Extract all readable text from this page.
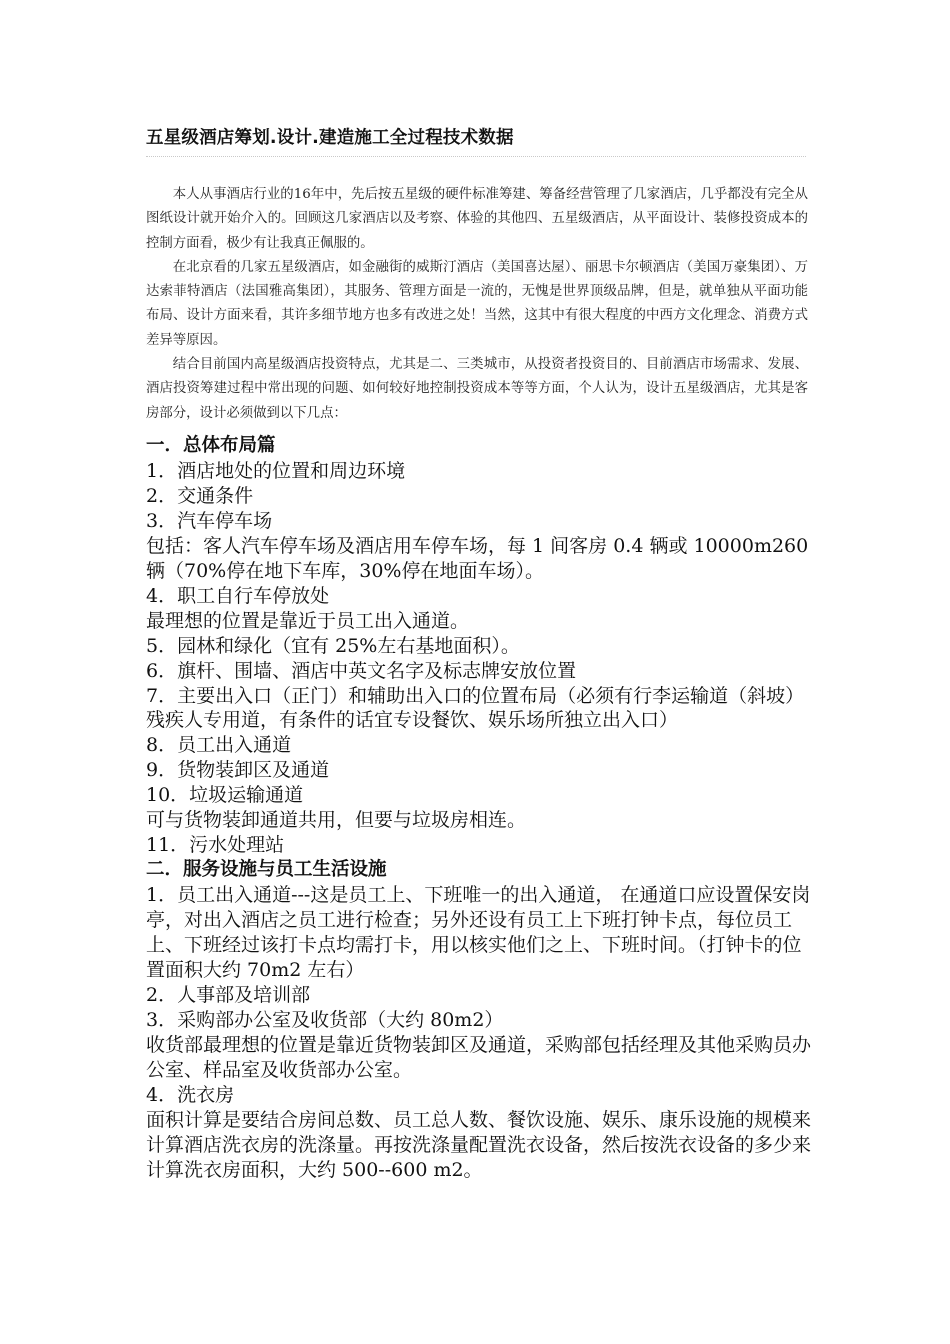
五星级酒店筹划.设计.建造施工全过程技术数据

本人从事酒店行业的16年中，先后按五星级的硬件标准筹建、筹备经营管理了几家酒店，几乎都没有完全从图纸设计就开始介入的。回顾这几家酒店以及考察、体验的其他四、五星级酒店，从平面设计、装修投资成本的控制方面看，极少有让我真正佩服的。

在北京看的几家五星级酒店，如金融街的威斯汀酒店（美国喜达屋）、丽思卡尔顿酒店（美国万豪集团）、万达索菲特酒店（法国雅高集团），其服务、管理方面是一流的，无愧是世界顶级品牌，但是，就单独从平面功能布局、设计方面来看，其许多细节地方也多有改进之处！当然，这其中有很大程度的中西方文化理念、消费方式差异等原因。

结合目前国内高星级酒店投资特点，尤其是二、三类城市，从投资者投资目的、目前酒店市场需求、发展、酒店投资筹建过程中常出现的问题、如何较好地控制投资成本等等方面，个人认为，设计五星级酒店，尤其是客房部分，设计必须做到以下几点：

一．总体布局篇

1．酒店地处的位置和周边环境

2．交通条件

3．汽车停车场

包括：客人汽车停车场及酒店用车停车场，每 1 间客房 0.4 辆或 10000m260 辆（70%停在地下车库，30%停在地面车场）。

4．职工自行车停放处

最理想的位置是靠近于员工出入通道。

5．园林和绿化（宜有 25%左右基地面积）。

6．旗杆、围墙、酒店中英文名字及标志牌安放位置

7．主要出入口（正门）和辅助出入口的位置布局（必须有行李运输道（斜坡）残疾人专用道，有条件的话宜专设餐饮、娱乐场所独立出入口）

8．员工出入通道

9．货物装卸区及通道

10．垃圾运输通道

可与货物装卸通道共用，但要与垃圾房相连。

11．污水处理站

二．服务设施与员工生活设施

1．员工出入通道---这是员工上、下班唯一的出入通道， 在通道口应设置保安岗亭，对出入酒店之员工进行检查；另外还设有员工上下班打钟卡点，每位员工上、下班经过该打卡点均需打卡，用以核实他们之上、下班时间。（打钟卡的位置面积大约 70m2 左右）

2．人事部及培训部

3．采购部办公室及收货部（大约 80m2）

收货部最理想的位置是靠近货物装卸区及通道，采购部包括经理及其他采购员办公室、样品室及收货部办公室。

4．洗衣房

面积计算是要结合房间总数、员工总人数、餐饮设施、娱乐、康乐设施的规模来计算酒店洗衣房的洗涤量。再按洗涤量配置洗衣设备，然后按洗衣设备的多少来计算洗衣房面积，大约 500--600 m2。
